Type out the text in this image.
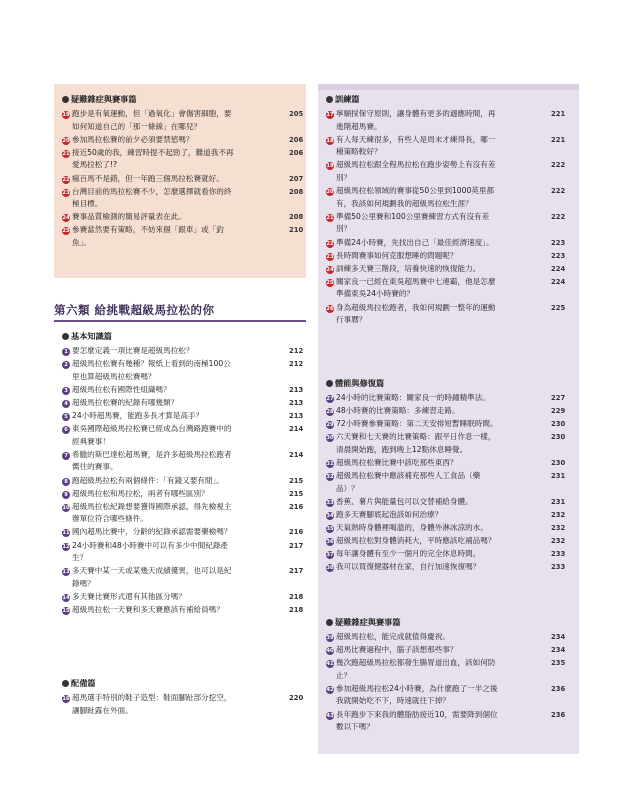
第六類 給挑戰超級馬拉松的你
疑難雜症與賽事篇
19 跑步是有氧運動，但「過氧化」會傷害細胞，要
如何知道自己的「那一條線」在哪兒？
205
20 參加馬拉松賽的前夕必須要禁慾嗎？	206
21 接近50歲的我，練習時提不起勁了，難道我不再
愛馬拉松了!?
206
22 瘋百馬不是錯，但一年跑三個馬拉松賽就好。	207
23 台灣目前的馬拉松賽不少，怎麼選擇就看你的終
極目標。
208
24 賽事品質檢測的簡易評量表在此。	208
25 參賽當然要有策略，不妨來個「跟車」或「釣
魚」。
210
基本知識篇
1 要怎麼定義一項比賽是超級馬拉松？	212
2 超級馬拉松賽有幾種？報紙上看到的南極100公
里也算超級馬拉松賽嗎？
212
3 超級馬拉松有國際性組織嗎？	213
4 超級馬拉松賽的紀錄有哪幾類？	213
5 24小時超馬賽，能跑多長才算是高手？	213
6 東吳國際超級馬拉松賽已經成為台灣路跑賽中的
經典賽事！
214
7 希臘的斯巴達松超馬賽，是許多超級馬拉松跑者
嚮往的賽事。
214
8 跑超級馬拉松有兩個條件：「有錢又要有閒」。	215
9 超級馬拉松和馬拉松，兩者有哪些區別？	215
10 超級馬拉松紀錄想要獲得國際承認，得先檢視主
辦單位符合哪些條件。
216
11 國內超馬比賽中，分齡的紀錄承認需要藥檢嗎？	216
12 24小時賽和48小時賽中可以有多少中間紀錄產
生？
217
13 多天賽中某一天或某幾天成績優異，也可以是紀
錄嗎？
217
14 多天賽比賽形式還有其他區分嗎？	218
15 超級馬拉松一天賽和多天賽應該有補給員嗎？	218
配備篇
16 超馬選手特別的鞋子造型：鞋面腳趾部分挖空，
讓腳趾露在外面。
220
訓練篇
17 寧願採保守原則，讓身體有更多的適應時間，再
進階超馬賽。
221
18 有人每天練很多，有些人是周末才練得長，哪一
種策略較好？
221
19 超級馬拉松跟全程馬拉松在跑步姿勢上有沒有差
別？
222
20 超級馬拉松領域的賽事從50公里到1000英里都
有，我該如何規劃我的超級馬拉松生涯？
222
21 準備50公里賽和100公里賽練習方式有沒有差
別？
222
22 準備24小時賽，先找出自己「最佳經濟速度」。	223
23 長時間賽事如何克服想睡的問題呢？	223
24 訓練多天賽三階段，培養快速的恢復能力。	224
25 關家良一已經在東吳超馬賽中七連霸，他是怎麼
準備東吳24小時賽的？
224
26 身為超級馬拉松跑者，我如何規劃一整年的運動
行事曆？
225
體能與修復篇
27 24小時的比賽策略：關家良一的時鐘精準法。	227
28 48小時賽的比賽策略：多練習走路。	229
29 72小時賽參賽策略：第二天安排短暫睡眠時間。	230
30 六天賽和七天賽的比賽策略：跟平日作息一樣，
清晨開始跑，跑到晚上12點休息睡覺。
230
31 超級馬拉松賽比賽中該吃那些東西？	230
32 超級馬拉松賽中應該補充那些人工食品（藥
品）？
231
33 香蕉、薯片與能量包可以交替補給身體。	231
34 跑多天賽腳底起泡該如何治療？	232
35 天氣熱時身體裡喝溫的，身體外淋冰涼的水。	232
36 超級馬拉松對身體消耗大，平時應該吃補品嗎？	232
37 每年讓身體有至少一個月的完全休息時間。	233
38 我可以買復健器材在家，自行加速恢復嗎？	233
疑難雜症與賽事篇
39 超級馬拉松，能完成就值得慶祝。	234
40 超馬比賽過程中，腦子該想那些事？	234
41 幾次跑超級馬拉松都發生腸胃道出血，該如何防
止？
235
42 參加超級馬拉松24小時賽，為什麼跑了一半之後
我就開始吃不下，時速就往下掉？
236
43 長年跑步下來我的體脂肪接近10，需要降到個位
數以下嗎？
236
